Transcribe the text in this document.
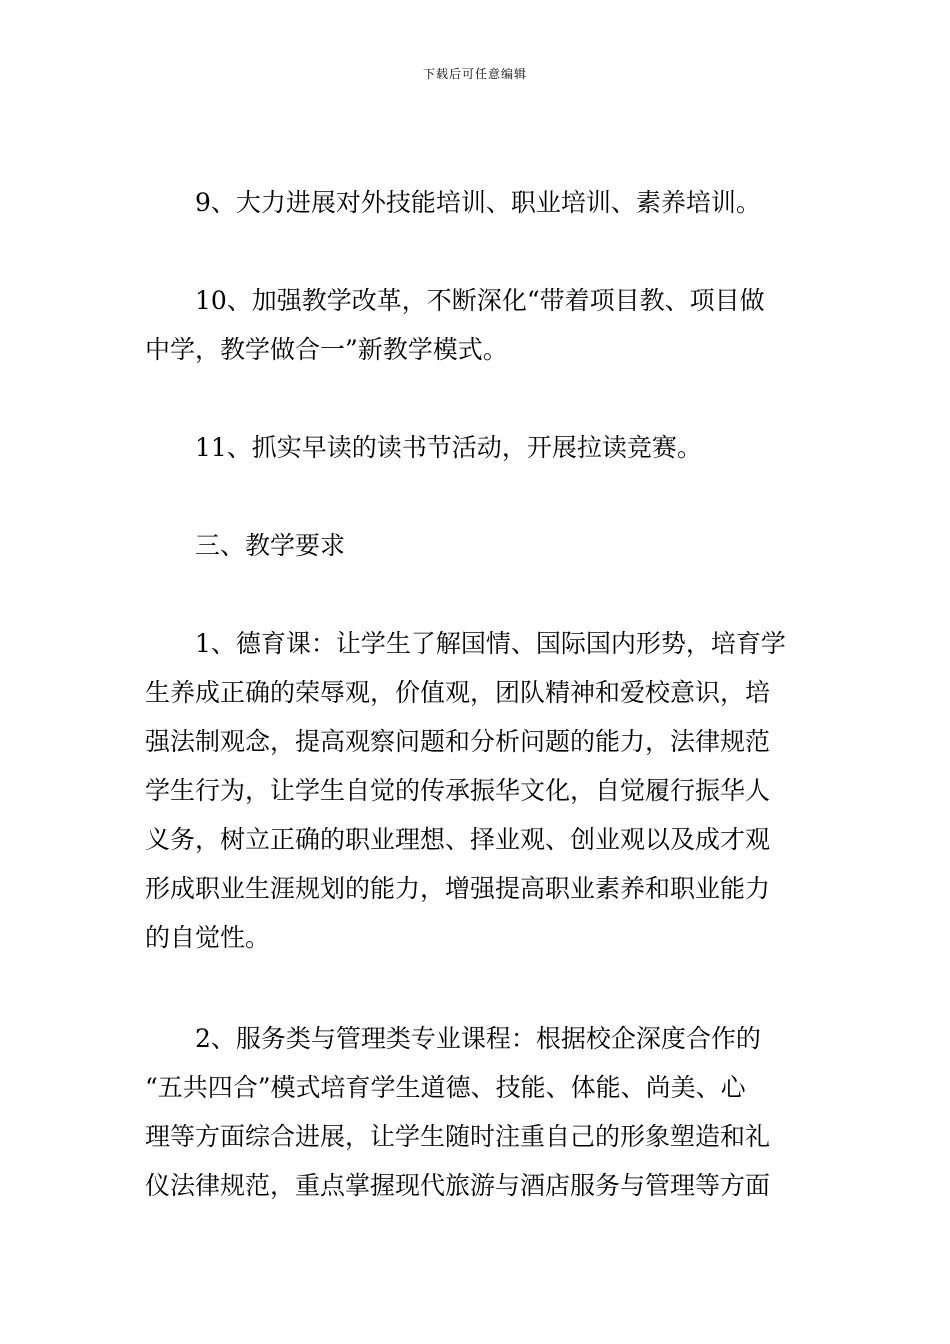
下载后可任意编辑
9、大力进展对外技能培训、职业培训、素养培训。
10、加强教学改革，不断深化“带着项目教、项目做
中学，教学做合一”新教学模式。
11、抓实早读的读书节活动，开展拉读竞赛。
三、教学要求
1、德育课：让学生了解国情、国际国内形势，培育学
生养成正确的荣辱观，价值观，团队精神和爱校意识，培
强法制观念，提高观察问题和分析问题的能力，法律规范
学生行为，让学生自觉的传承振华文化，自觉履行振华人
义务，树立正确的职业理想、择业观、创业观以及成才观
形成职业生涯规划的能力，增强提高职业素养和职业能力
的自觉性。
2、服务类与管理类专业课程：根据校企深度合作的
“五共四合”模式培育学生道德、技能、体能、尚美、心
理等方面综合进展，让学生随时注重自己的形象塑造和礼
仪法律规范，重点掌握现代旅游与酒店服务与管理等方面
